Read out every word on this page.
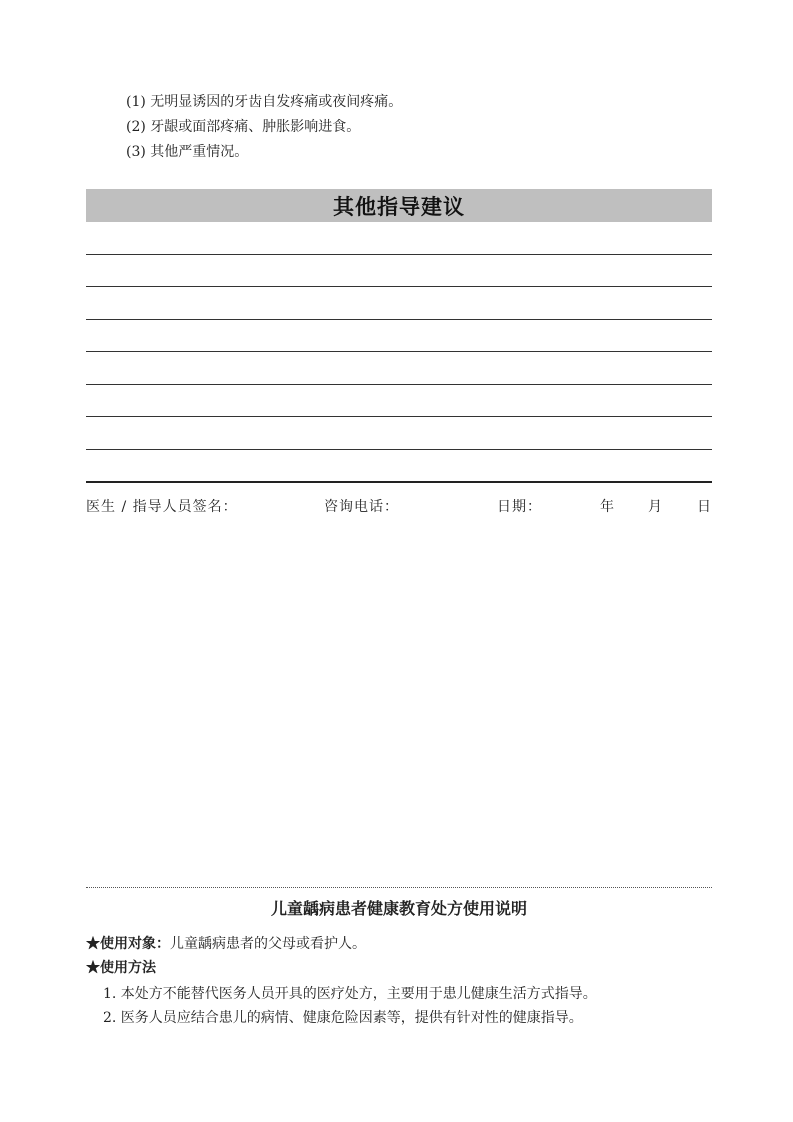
(1) 无明显诱因的牙齿自发疼痛或夜间疼痛。
(2) 牙龈或面部疼痛、肿胀影响进食。
(3) 其他严重情况。
其他指导建议
医生 / 指导人员签名：	咨询电话：	日期：	年 月 日
儿童龋病患者健康教育处方使用说明
★使用对象：儿童龋病患者的父母或看护人。
★使用方法
1. 本处方不能替代医务人员开具的医疗处方，主要用于患儿健康生活方式指导。
2. 医务人员应结合患儿的病情、健康危险因素等，提供有针对性的健康指导。
